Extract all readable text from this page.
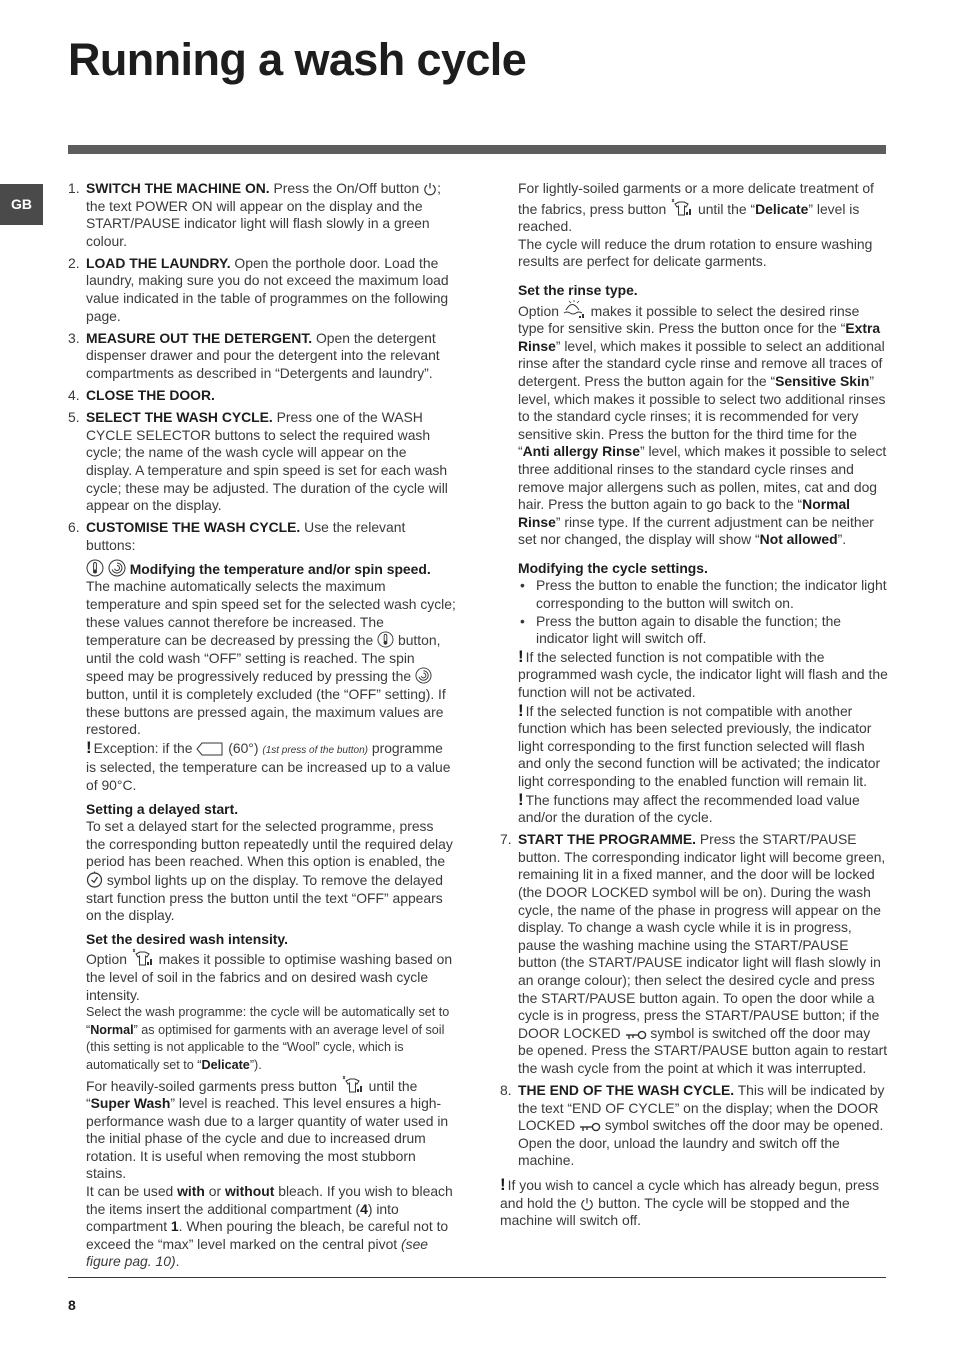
Running a wash cycle
GB
1. SWITCH THE MACHINE ON. Press the On/Off button ; the text POWER ON will appear on the display and the START/PAUSE indicator light will flash slowly in a green colour.

2. LOAD THE LAUNDRY. Open the porthole door. Load the laundry, making sure you do not exceed the maximum load value indicated in the table of programmes on the following page.

3. MEASURE OUT THE DETERGENT. Open the detergent dispenser drawer and pour the detergent into the relevant compartments as described in “Detergents and laundry”.

4. CLOSE THE DOOR.

5. SELECT THE WASH CYCLE. Press one of the WASH CYCLE SELECTOR buttons to select the required wash cycle; the name of the wash cycle will appear on the display. A temperature and spin speed is set for each wash cycle; these may be adjusted. The duration of the cycle will appear on the display.

6. CUSTOMISE THE WASH CYCLE. Use the relevant buttons:

Modifying the temperature and/or spin speed. The machine automatically selects the maximum temperature and spin speed set for the selected wash cycle; these values cannot therefore be increased. The temperature can be decreased by pressing the  button, until the cold wash “OFF” setting is reached. The spin speed may be progressively reduced by pressing the  button, until it is completely excluded (the “OFF” setting). If these buttons are pressed again, the maximum values are restored.

! Exception: if the  (60°) (1st press of the button) programme is selected, the temperature can be increased up to a value of 90°C.

Setting a delayed start.

To set a delayed start for the selected programme, press the corresponding button repeatedly until the required delay period has been reached. When this option is enabled, the  symbol lights up on the display. To remove the delayed start function press the button until the text “OFF” appears on the display.

Set the desired wash intensity.

Option  makes it possible to optimise washing based on the level of soil in the fabrics and on desired wash cycle intensity.

Select the wash programme: the cycle will be automatically set to “Normal” as optimised for garments with an average level of soil (this setting is not applicable to the “Wool” cycle, which is automatically set to “Delicate”).

For heavily-soiled garments press button  until the “Super Wash” level is reached. This level ensures a high-performance wash due to a larger quantity of water used in the initial phase of the cycle and due to increased drum rotation. It is useful when removing the most stubborn stains.

It can be used with or without bleach. If you wish to bleach the items insert the additional compartment (4) into compartment 1. When pouring the bleach, be careful not to exceed the “max” level marked on the central pivot (see figure pag. 10).

For lightly-soiled garments or a more delicate treatment of the fabrics, press button  until the “Delicate” level is reached.

The cycle will reduce the drum rotation to ensure washing results are perfect for delicate garments.

Set the rinse type.

Option  makes it possible to select the desired rinse type for sensitive skin. Press the button once for the “Extra Rinse” level, which makes it possible to select an additional rinse after the standard cycle rinse and remove all traces of detergent. Press the button again for the “Sensitive Skin” level, which makes it possible to select two additional rinses to the standard cycle rinses; it is recommended for very sensitive skin. Press the button for the third time for the “Anti allergy Rinse” level, which makes it possible to select three additional rinses to the standard cycle rinses and remove major allergens such as pollen, mites, cat and dog hair. Press the button again to go back to the “Normal Rinse” rinse type. If the current adjustment can be neither set nor changed, the display will show “Not allowed”.

Modifying the cycle settings.

• Press the button to enable the function; the indicator light corresponding to the button will switch on.
• Press the button again to disable the function; the indicator light will switch off.

! If the selected function is not compatible with the programmed wash cycle, the indicator light will flash and the function will not be activated.

! If the selected function is not compatible with another function which has been selected previously, the indicator light corresponding to the first function selected will flash and only the second function will be activated; the indicator light corresponding to the enabled function will remain lit.

! The functions may affect the recommended load value and/or the duration of the cycle.

7. START THE PROGRAMME. Press the START/PAUSE button. The corresponding indicator light will become green, remaining lit in a fixed manner, and the door will be locked (the DOOR LOCKED symbol will be on). During the wash cycle, the name of the phase in progress will appear on the display. To change a wash cycle while it is in progress, pause the washing machine using the START/PAUSE button (the START/PAUSE indicator light will flash slowly in an orange colour); then select the desired cycle and press the START/PAUSE button again. To open the door while a cycle is in progress, press the START/PAUSE button; if the DOOR LOCKED  symbol is switched off the door may be opened. Press the START/PAUSE button again to restart the wash cycle from the point at which it was interrupted.

8. THE END OF THE WASH CYCLE. This will be indicated by the text “END OF CYCLE” on the display; when the DOOR LOCKED  symbol switches off the door may be opened. Open the door, unload the laundry and switch off the machine.

! If you wish to cancel a cycle which has already begun, press and hold the  button. The cycle will be stopped and the machine will switch off.

8
